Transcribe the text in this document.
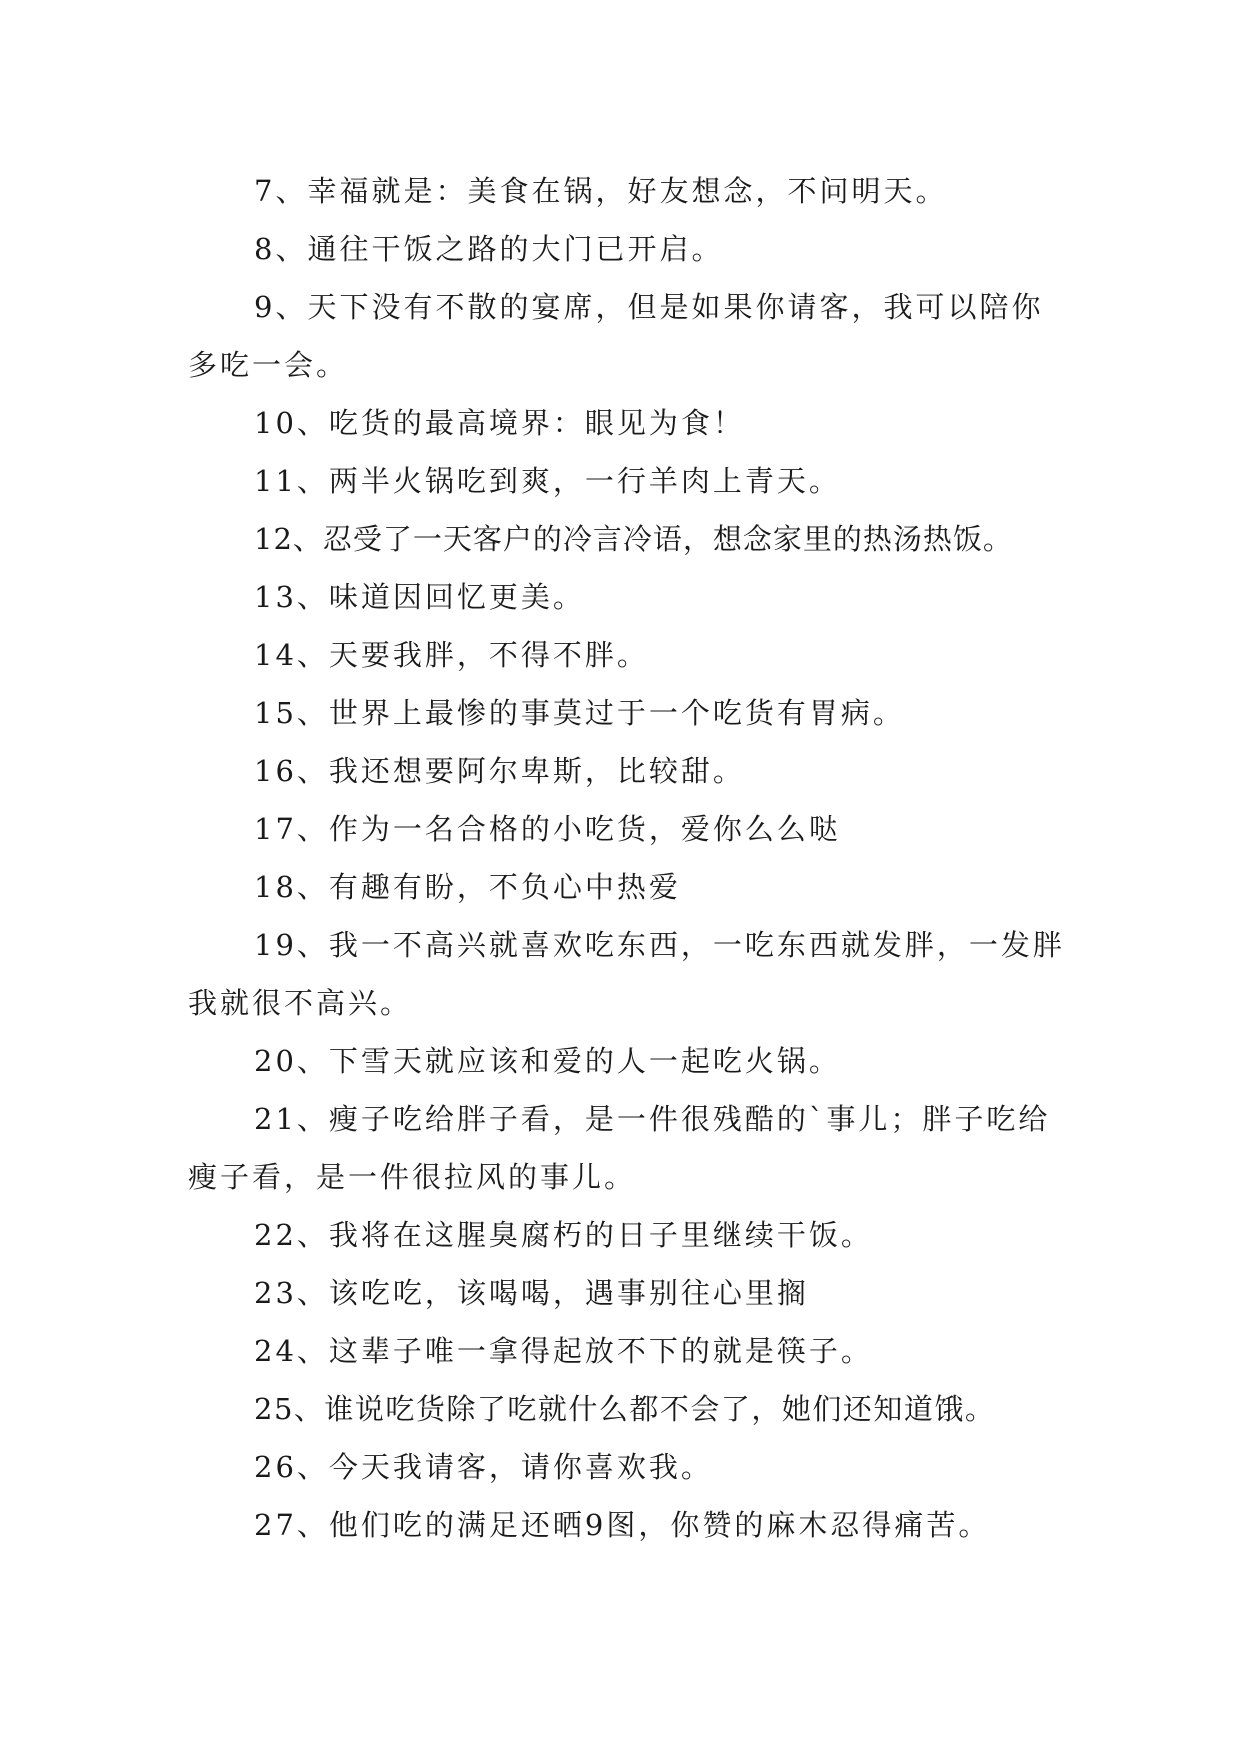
7、幸福就是：美食在锅，好友想念，不问明天。

8、通往干饭之路的大门已开启。

9、天下没有不散的宴席，但是如果你请客，我可以陪你多吃一会。

10、吃货的最高境界：眼见为食！

11、两半火锅吃到爽，一行羊肉上青天。

12、忍受了一天客户的冷言冷语，想念家里的热汤热饭。

13、味道因回忆更美。

14、天要我胖，不得不胖。

15、世界上最惨的事莫过于一个吃货有胃病。

16、我还想要阿尔卑斯，比较甜。

17、作为一名合格的小吃货，爱你么么哒

18、有趣有盼，不负心中热爱

19、我一不高兴就喜欢吃东西，一吃东西就发胖，一发胖我就很不高兴。

20、下雪天就应该和爱的人一起吃火锅。

21、瘦子吃给胖子看，是一件很残酷的`事儿；胖子吃给瘦子看，是一件很拉风的事儿。

22、我将在这腥臭腐朽的日子里继续干饭。

23、该吃吃，该喝喝，遇事别往心里搁

24、这辈子唯一拿得起放不下的就是筷子。

25、谁说吃货除了吃就什么都不会了，她们还知道饿。

26、今天我请客，请你喜欢我。

27、他们吃的满足还晒9图，你赞的麻木忍得痛苦。
